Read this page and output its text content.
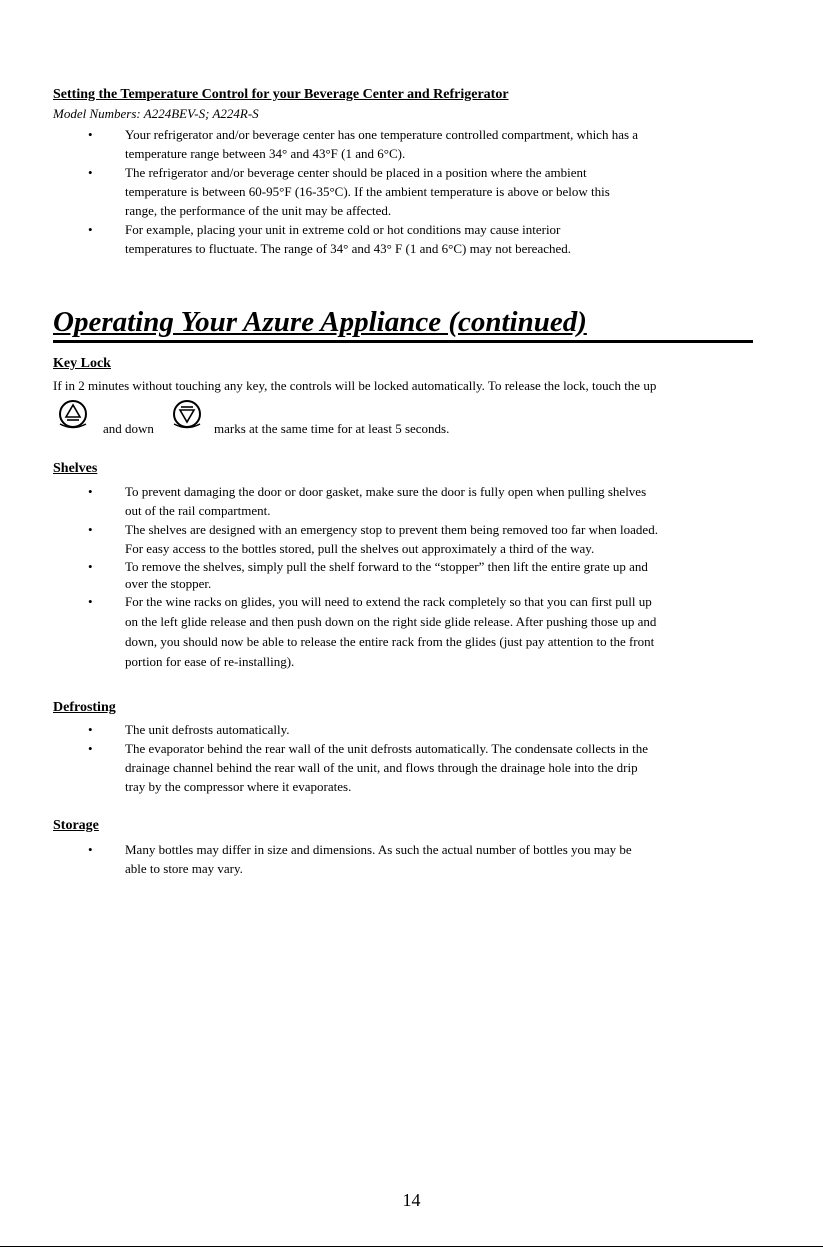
Setting the Temperature Control for your Beverage Center and Refrigerator

Model Numbers: A224BEV-S; A224R-S

• Your refrigerator and/or beverage center has one temperature controlled compartment, which has a
temperature range between 34° and 43°F (1 and 6°C).
• The refrigerator and/or beverage center should be placed in a position where the ambient
temperature is between 60-95°F (16-35°C). If the ambient temperature is above or below this
range, the performance of the unit may be affected.
• For example, placing your unit in extreme cold or hot conditions may cause interior
temperatures to fluctuate. The range of 34° and 43° F (1 and 6°C) may not bereached.
Operating Your Azure Appliance (continued)

Key Lock

If in 2 minutes without touching any key, the controls will be locked automatically. To release the lock, touch the up

and down	marks at the same time for at least 5 seconds.

Shelves

• To prevent damaging the door or door gasket, make sure the door is fully open when pulling shelves
out of the rail compartment.
• The shelves are designed with an emergency stop to prevent them being removed too far when loaded.
For easy access to the bottles stored, pull the shelves out approximately a third of the way.
• To remove the shelves, simply pull the shelf forward to the “stopper” then lift the entire grate up and
over the stopper.
• For the wine racks on glides, you will need to extend the rack completely so that you can first pull up
on the left glide release and then push down on the right side glide release. After pushing those up and
down, you should now be able to release the entire rack from the glides (just pay attention to the front
portion for ease of re-installing).

Defrosting

• The unit defrosts automatically.
• The evaporator behind the rear wall of the unit defrosts automatically. The condensate collects in the
drainage channel behind the rear wall of the unit, and flows through the drainage hole into the drip
tray by the compressor where it evaporates.

Storage

• Many bottles may differ in size and dimensions. As such the actual number of bottles you may be
able to store may vary.
14
